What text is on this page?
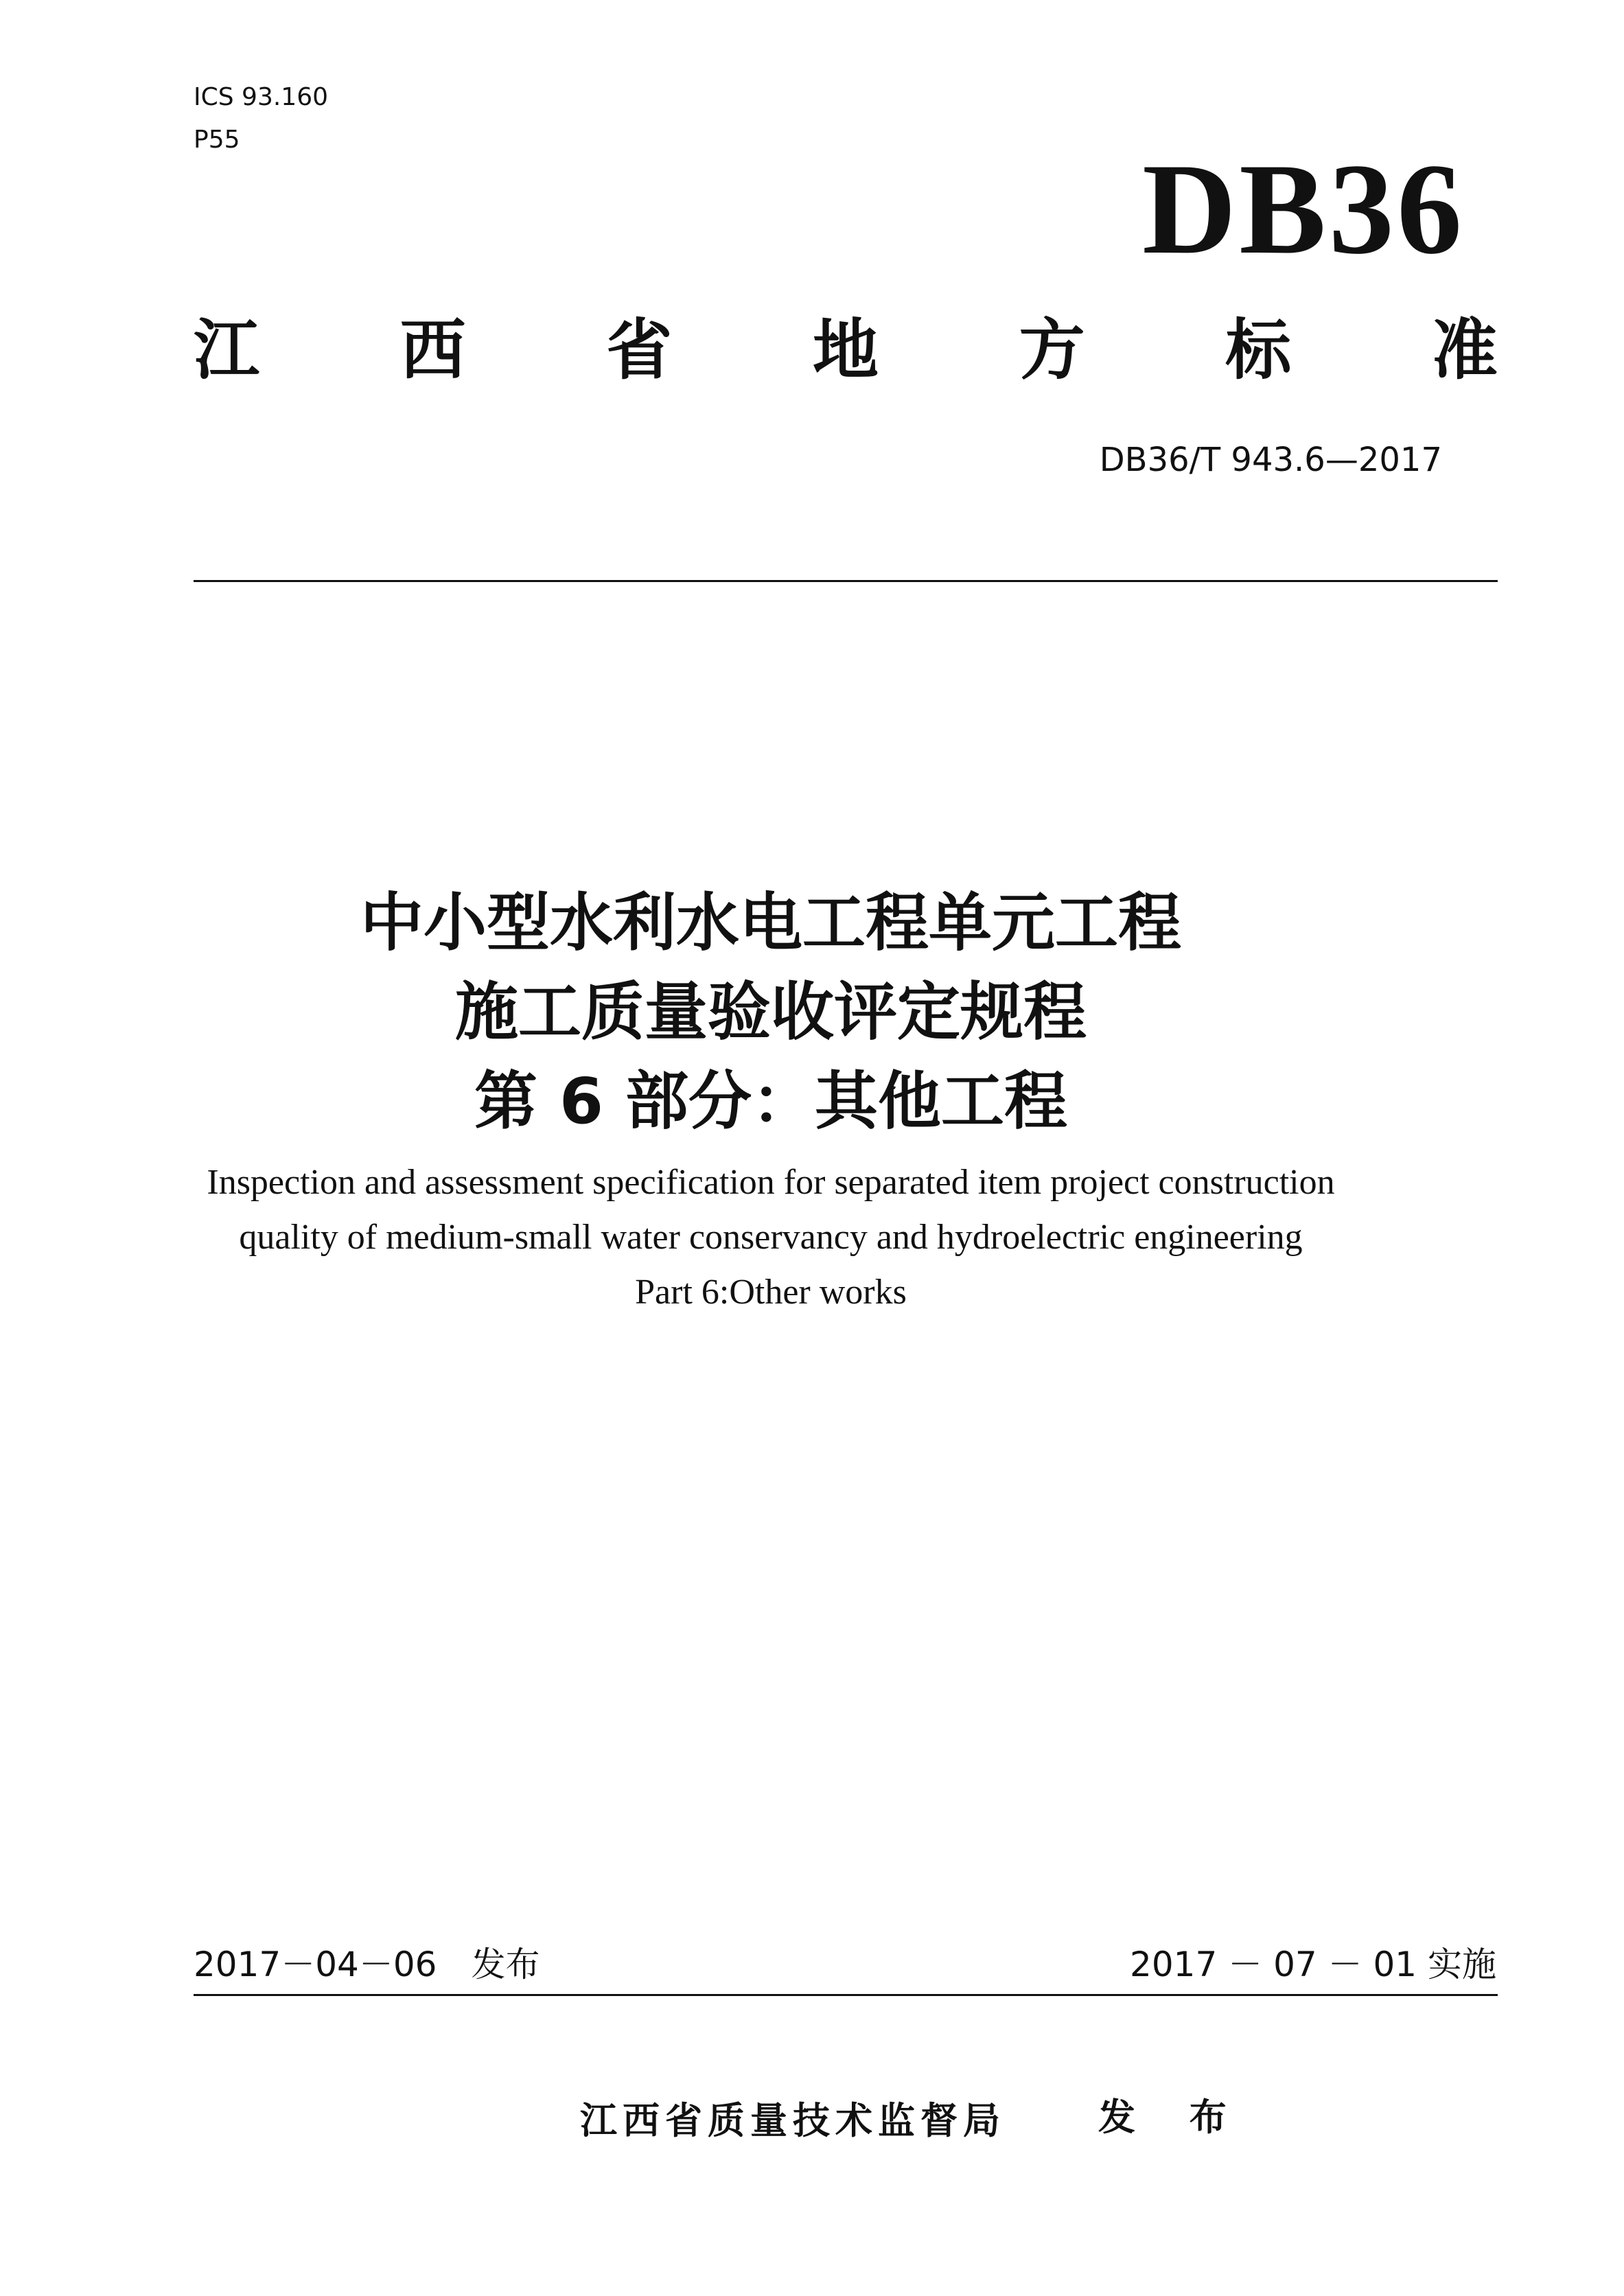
ICS 93.160
P55	DB36
江 西 省 地 方 标 准
DB36/T 943.6—2017
中小型水利水电工程单元工程
施工质量验收评定规程
第 6 部分：其他工程
Inspection and assessment specification for separated item project construction
quality of medium-small water conservancy and hydroelectric engineering
Part 6:Other works
2017－04－06　发布	2017 － 07 － 01 实施
江西省质量技术监督局	发 布
